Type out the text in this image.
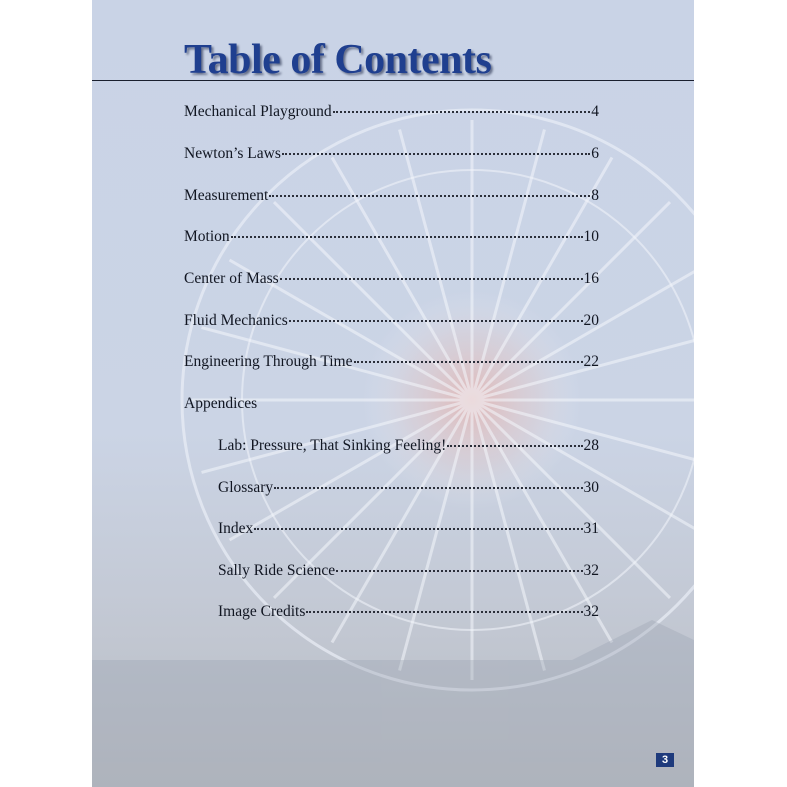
Table of Contents
Mechanical Playground	4
Newton’s Laws	6
Measurement	8
Motion	10
Center of Mass	16
Fluid Mechanics	20
Engineering Through Time	22
Appendices
Lab: Pressure, That Sinking Feeling!	28
Glossary	30
Index	31
Sally Ride Science	32
Image Credits	32
3
